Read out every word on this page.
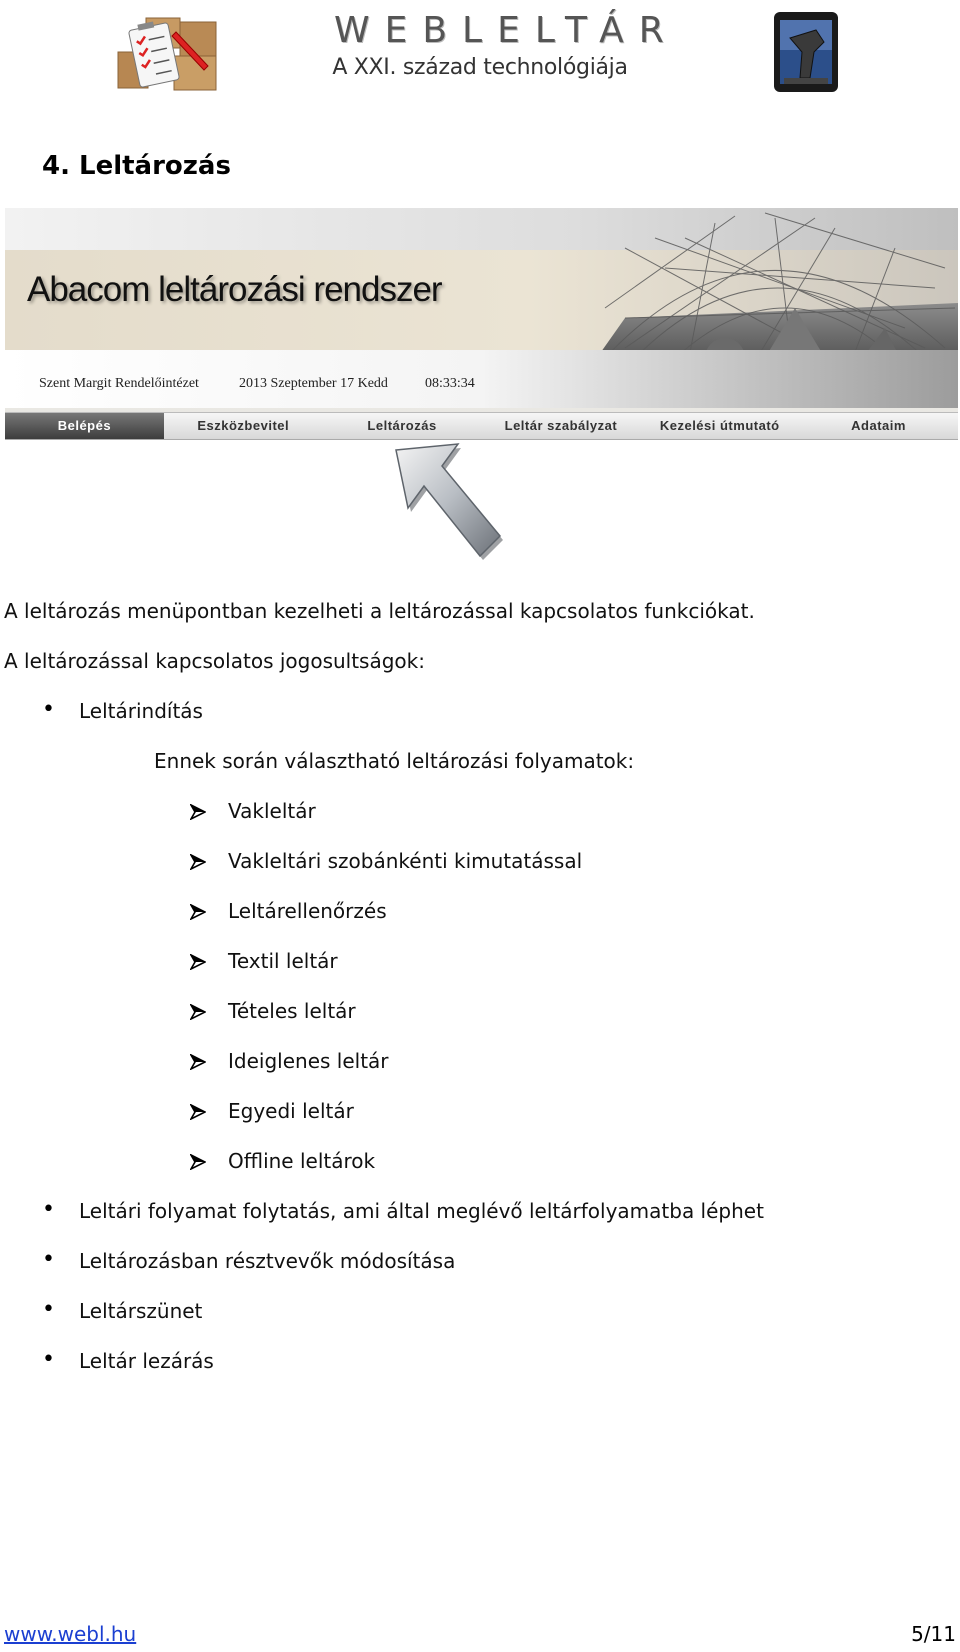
WEBLELTÁR
A XXI. század technológiája
4. Leltározás
Abacom leltározási rendszer
Szent Margit Rendelőintézet	2013 Szeptember 17 Kedd	08:33:34
Belépés	Eszközbevitel	Leltározás	Leltár szabályzat	Kezelési útmutató	Adataim
A leltározás menüpontban kezelheti a leltározással kapcsolatos funkciókat.
A leltározással kapcsolatos jogosultságok:
• Leltárindítás
Ennek során választható leltározási folyamatok:
Vakleltár
Vakleltári szobánkénti kimutatással
Leltárellenőrzés
Textil leltár
Tételes leltár
Ideiglenes leltár
Egyedi leltár
Offline leltárok
• Leltári folyamat folytatás, ami által meglévő leltárfolyamatba léphet
• Leltározásban résztvevők módosítása
• Leltárszünet
• Leltár lezárás
www.webl.hu	5/11
